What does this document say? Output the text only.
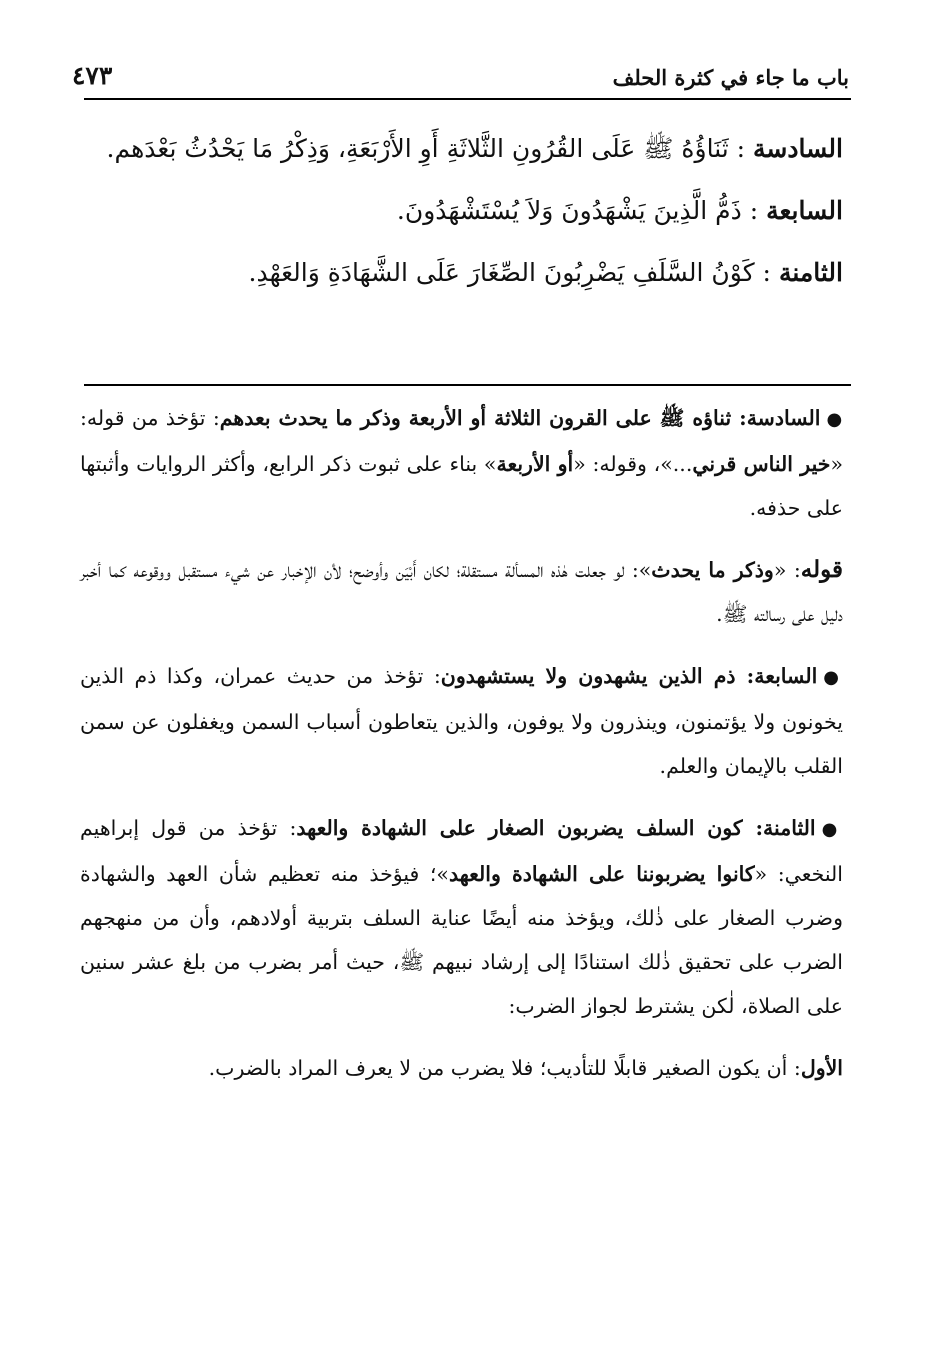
باب ما جاء في كثرة الحلف
٤٧٣

السادسة : ثَنَاؤُهُ ﷺ عَلَى القُرُونِ الثَّلاثَةِ أَوِ الأَرْبَعَةِ، وَذِكْرُ مَا يَحْدُثُ بَعْدَهم.

السابعة : ذَمُّ الَّذِينَ يَشْهَدُونَ وَلاَ يُسْتَشْهَدُونَ.

الثامنة : كَوْنُ السَّلَفِ يَضْرِبُونَ الصِّغَارَ عَلَى الشَّهَادَةِ وَالعَهْدِ.

●السادسة: ثناؤه ﷺ على القرون الثلاثة أو الأربعة وذكر ما يحدث بعدهم: تؤخذ من قوله: «خير الناس قرني...»، وقوله: «أو الأربعة» بناء على ثبوت ذكر الرابع، وأكثر الروايات وأثبتها على حذفه.

قوله: «وذكر ما يحدث»: لو جعلت هٰذه المسألة مستقلة؛ لكان أَبْيَن وأوضح؛ لأن الإخبار عن شيء مستقبل ووقوعه كما أخبر دليل على رسالته ﷺ.

●السابعة: ذم الذين يشهدون ولا يستشهدون: تؤخذ من حديث عمران، وكذا ذم الذين يخونون ولا يؤتمنون، وينذرون ولا يوفون، والذين يتعاطون أسباب السمن ويغفلون عن سمن القلب بالإيمان والعلم.

●الثامنة: كون السلف يضربون الصغار على الشهادة والعهد: تؤخذ من قول إبراهيم النخعي: «كانوا يضربوننا على الشهادة والعهد»؛ فيؤخذ منه تعظيم شأن العهد والشهادة وضرب الصغار على ذٰلك، ويؤخذ منه أيضًا عناية السلف بتربية أولادهم، وأن من منهجهم الضرب على تحقيق ذٰلك استنادًا إلى إرشاد نبيهم ﷺ، حيث أمر بضرب من بلغ عشر سنين على الصلاة، لٰكن يشترط لجواز الضرب:

الأول: أن يكون الصغير قابلًا للتأديب؛ فلا يضرب من لا يعرف المراد بالضرب.
